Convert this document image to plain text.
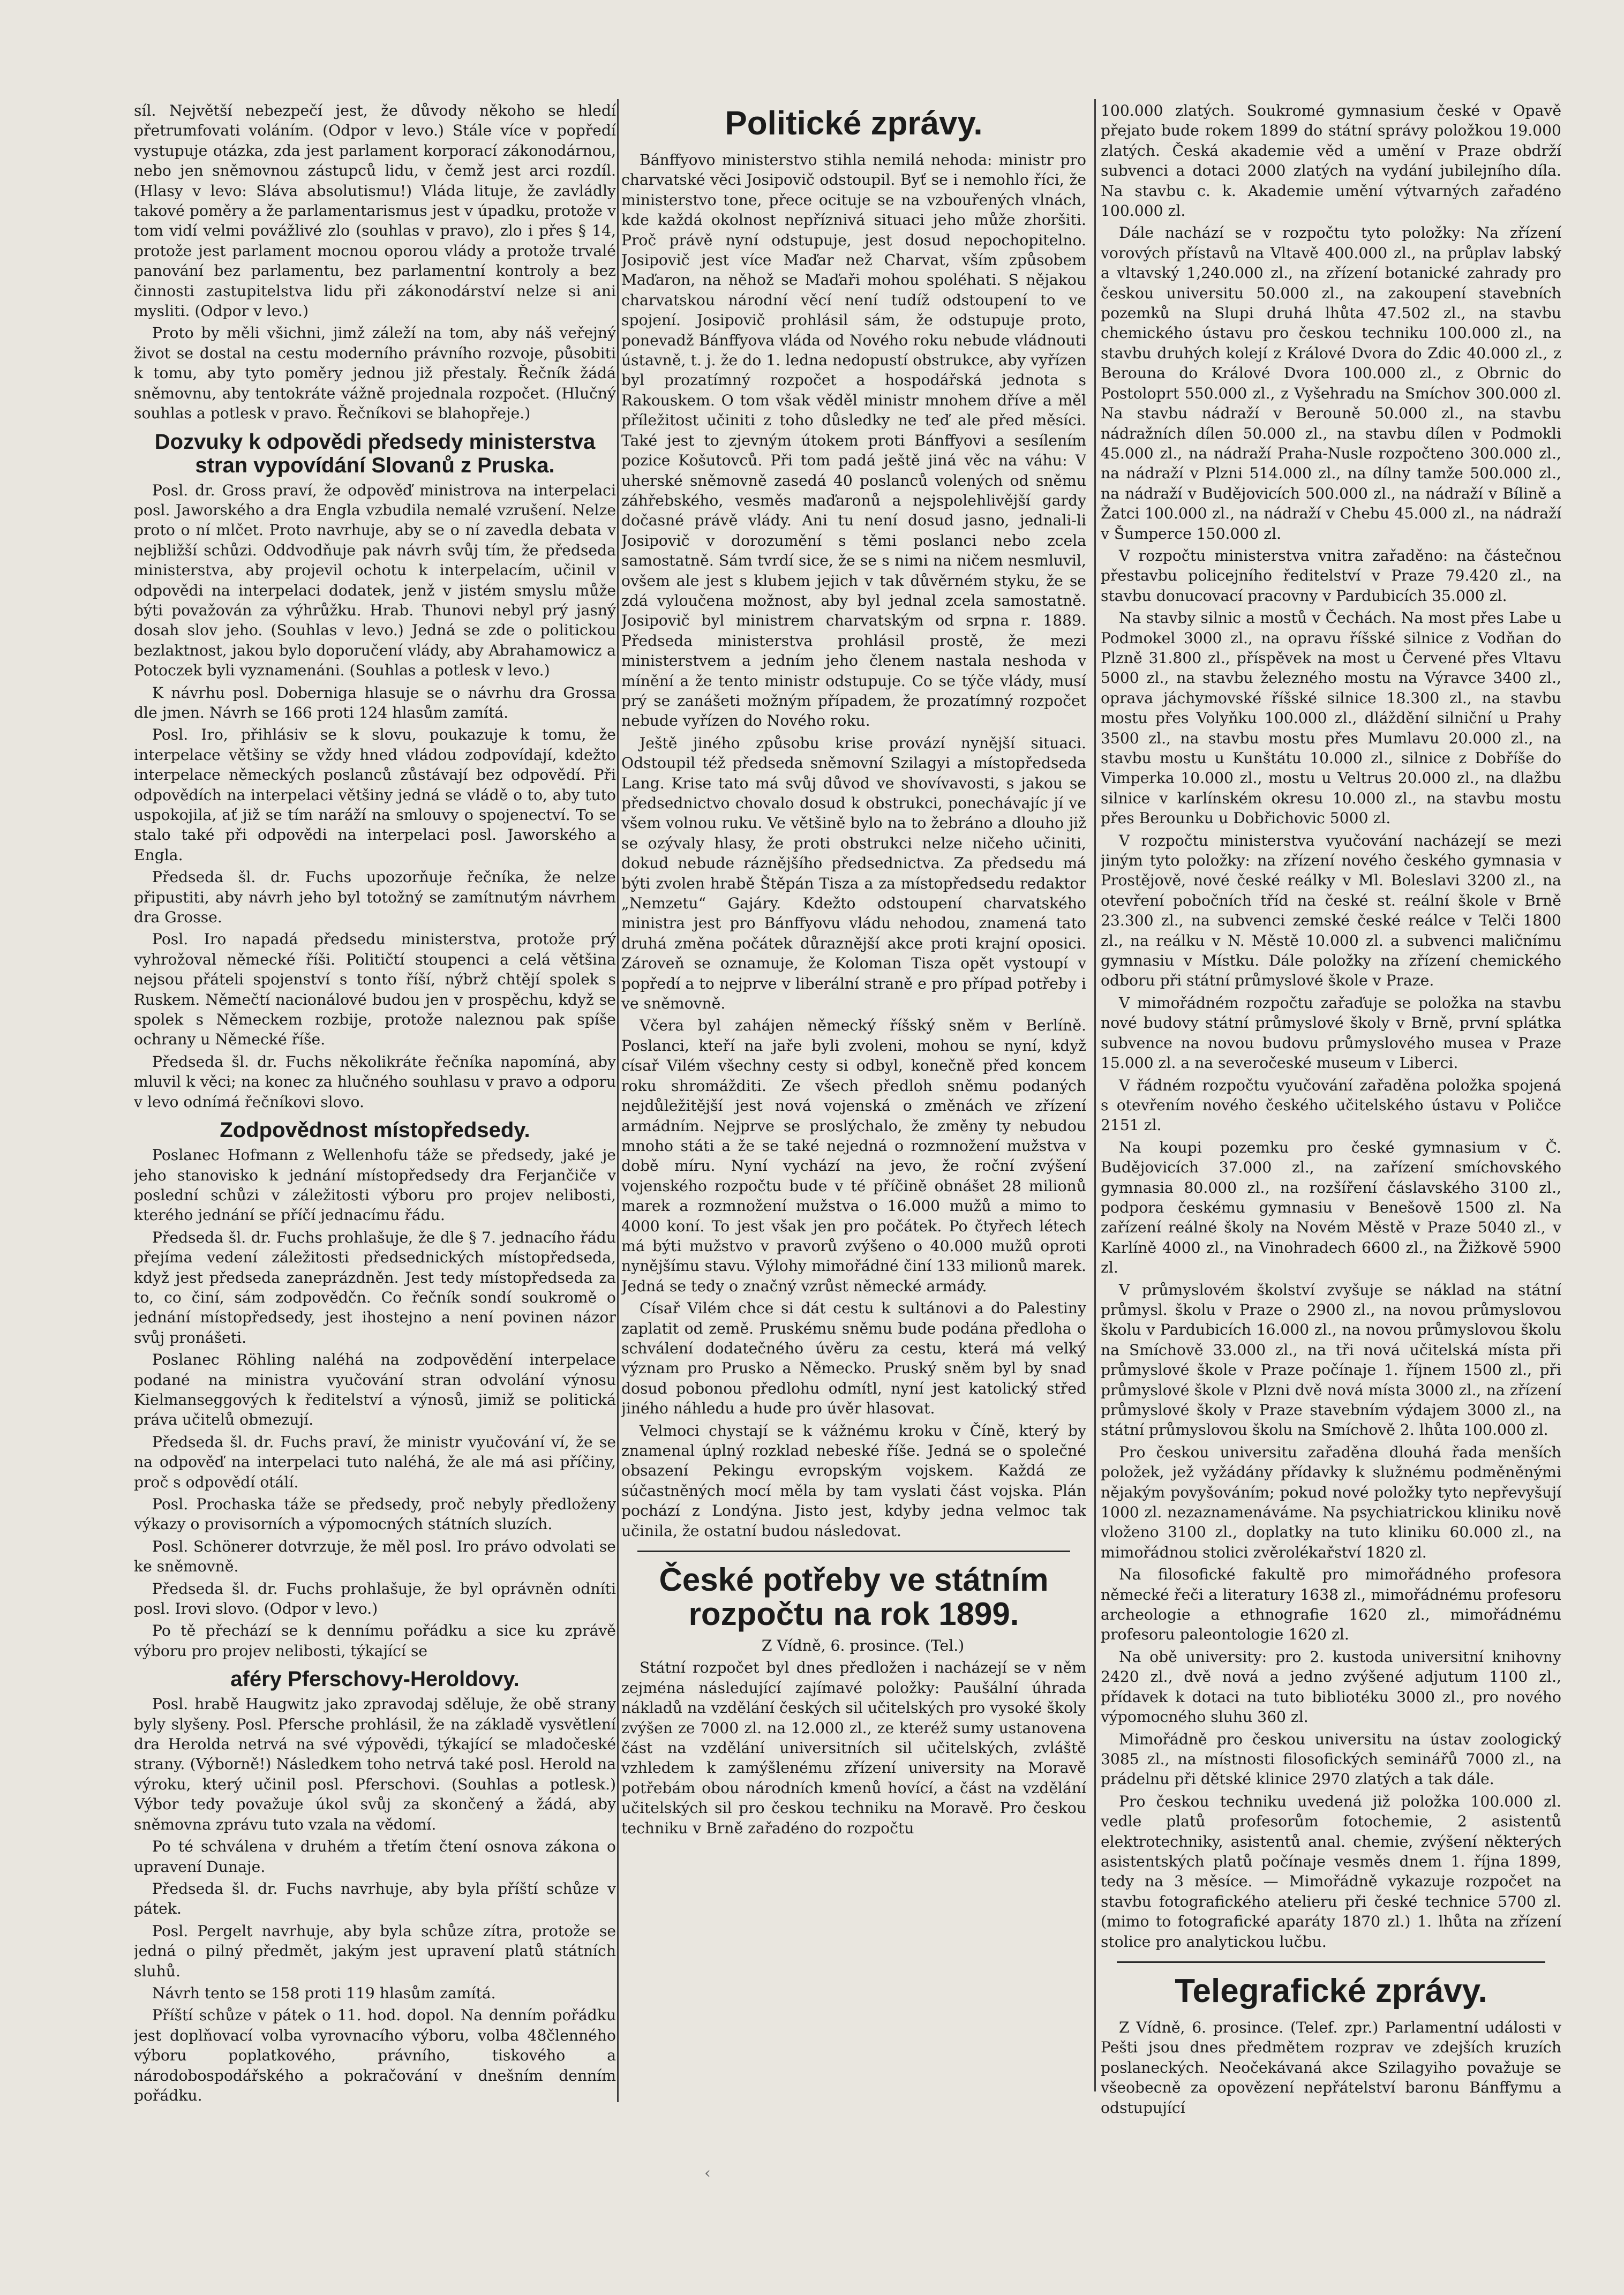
síl. Největší nebezpečí jest, že důvody někoho se hledí přetrumfovati voláním. (Odpor v levo.) Stále více v popředí vystupuje otázka, zda jest parlament korporací zákonodárnou, nebo jen sněmovnou zástupců lidu, v čemž jest arci rozdíl. (Hlasy v levo: Sláva absolutismu!) Vláda lituje, že zavládly takové poměry a že parlamentarismus jest v úpadku, protože v tom vidí velmi povážlivé zlo (souhlas v pravo), zlo i přes § 14, protože jest parlament mocnou oporou vlády a protože trvalé panování bez parlamentu, bez parlamentní kontroly a bez činnosti zastupitelstva lidu při zákonodárství nelze si ani mysliti. (Odpor v levo.)

Proto by měli všichni, jimž záleží na tom, aby náš veřejný život se dostal na cestu moderního právního rozvoje, působiti k tomu, aby tyto poměry jednou již přestaly. Řečník žádá sněmovnu, aby tentokráte vážně projednala rozpočet. (Hlučný souhlas a potlesk v pravo. Řečníkovi se blahopřeje.)

Dozvuky k odpovědi předsedy ministerstva stran vypovídání Slovanů z Pruska.

Posl. dr. Gross praví, že odpověď ministrova na interpelaci posl. Jaworského a dra Engla vzbudila nemalé vzrušení. Nelze proto o ní mlčet. Proto navrhuje, aby se o ní zavedla debata v nejbližší schůzi. Oddvodňuje pak návrh svůj tím, že předseda ministerstva, aby projevil ochotu k interpelacím, učinil v odpovědi na interpelaci dodatek, jenž v jistém smyslu může býti považován za výhrůžku. Hrab. Thunovi nebyl prý jasný dosah slov jeho. (Souhlas v levo.) Jedná se zde o politickou bezlaktnost, jakou bylo doporučení vlády, aby Abrahamowicz a Potoczek byli vyznamenáni. (Souhlas a potlesk v levo.)

K návrhu posl. Doberniga hlasuje se o návrhu dra Grossa dle jmen. Návrh se 166 proti 124 hlasům zamítá.

Posl. Iro, přihlásiv se k slovu, poukazuje k tomu, že interpelace většiny se vždy hned vládou zodpovídají, kdežto interpelace německých poslanců zůstávají bez odpovědí. Při odpovědích na interpelaci většiny jedná se vládě o to, aby tuto uspokojila, ať již se tím naráží na smlouvy o spojenectví. To se stalo také při odpovědi na interpelaci posl. Jaworského a Engla.

Předseda šl. dr. Fuchs upozorňuje řečníka, že nelze připustiti, aby návrh jeho byl totožný se zamítnutým návrhem dra Grosse.

Posl. Iro napadá předsedu ministerstva, protože prý vyhrožoval německé říši. Političtí stoupenci a celá většina nejsou přáteli spojenství s tonto říší, nýbrž chtějí spolek s Ruskem. Němečtí nacionálové budou jen v prospěchu, když se spolek s Německem rozbije, protože naleznou pak spíše ochrany u Německé říše.

Předseda šl. dr. Fuchs několikráte řečníka napomíná, aby mluvil k věci; na konec za hlučného souhlasu v pravo a odporu v levo odnímá řečníkovi slovo.

Zodpovědnost místopředsedy.

Poslanec Hofmann z Wellenhofu táže se předsedy, jaké je jeho stanovisko k jednání místopředsedy dra Ferjančiče v poslední schůzi v záležitosti výboru pro projev nelibosti, kterého jednání se příčí jednacímu řádu.

Předseda šl. dr. Fuchs prohlašuje, že dle § 7. jednacího řádu přejíma vedení záležitosti předsednických místopředseda, když jest předseda zaneprázdněn. Jest tedy místopředseda za to, co činí, sám zodpovědčn. Co řečník sondí soukromě o jednání místopředsedy, jest ihostejno a není povinen názor svůj pronášeti.

Poslanec Röhling naléhá na zodpovědění interpelace podané na ministra vyučování stran odvolání výnosu Kielmanseggových k ředitelství a výnosů, jimiž se politická práva učitelů obmezují.

Předseda šl. dr. Fuchs praví, že ministr vyučování ví, že se na odpověď na interpelaci tuto naléhá, že ale má asi příčiny, proč s odpovědí otálí.

Posl. Prochaska táže se předsedy, proč nebyly předloženy výkazy o provisorních a výpomocných státních sluzích.

Posl. Schönerer dotvrzuje, že měl posl. Iro právo odvolati se ke sněmovně.

Předseda šl. dr. Fuchs prohlašuje, že byl oprávněn odníti posl. Irovi slovo. (Odpor v levo.)

Po tě přechází se k dennímu pořádku a sice ku zprávě výboru pro projev nelibosti, týkající se

aféry Pferschovy-Heroldovy.

Posl. hrabě Haugwitz jako zpravodaj sděluje, že obě strany byly slyšeny. Posl. Pfersche prohlásil, že na základě vysvětlení dra Herolda netrvá na své výpovědi, týkající se mladočeské strany. (Výborně!) Následkem toho netrvá také posl. Herold na výroku, který učinil posl. Pferschovi. (Souhlas a potlesk.) Výbor tedy považuje úkol svůj za skončený a žádá, aby sněmovna zprávu tuto vzala na vědomí.

Po té schválena v druhém a třetím čtení osnova zákona o upravení Dunaje.

Předseda šl. dr. Fuchs navrhuje, aby byla příští schůze v pátek.

Posl. Pergelt navrhuje, aby byla schůze zítra, protože se jedná o pilný předmět, jakým jest upravení platů státních sluhů.

Návrh tento se 158 proti 119 hlasům zamítá.

Příští schůze v pátek o 11. hod. dopol. Na denním pořádku jest doplňovací volba vyrovnacího výboru, volba 48členného výboru poplatkového, právního, tiskového a národobospodářského a pokračování v dnešním denním pořádku.

Politické zprávy.

Bánffyovo ministerstvo stihla nemilá nehoda: ministr pro charvatské věci Josipovič odstoupil. Byť se i nemohlo říci, že ministerstvo tone, přece ocituje se na vzbouřených vlnách, kde každá okolnost nepříznivá situaci jeho může zhoršiti. Proč právě nyní odstupuje, jest dosud nepochopitelno. Josipovič jest více Maďar než Charvat, vším způsobem Maďaron, na něhož se Maďaři mohou spoléhati. S nějakou charvatskou národní věcí není tudíž odstoupení to ve spojení. Josipovič prohlásil sám, že odstupuje proto, ponevadž Bánffyova vláda od Nového roku nebude vládnouti ústavně, t. j. že do 1. ledna nedopustí obstrukce, aby vyřízen byl prozatímný rozpočet a hospodářská jednota s Rakouskem. O tom však věděl ministr mnohem dříve a měl příležitost učiniti z toho důsledky ne teď ale před měsíci. Také jest to zjevným útokem proti Bánffyovi a sesílením pozice Košutovců. Při tom padá ještě jiná věc na váhu: V uherské sněmovně zasedá 40 poslanců volených od sněmu záhřebského, vesměs maďaronů a nejspolehlivější gardy dočasné právě vlády. Ani tu není dosud jasno, jednali-li Josipovič v dorozumění s těmi poslanci nebo zcela samostatně. Sám tvrdí sice, že se s nimi na ničem nesmluvil, ovšem ale jest s klubem jejich v tak důvěrném styku, že se zdá vyloučena možnost, aby byl jednal zcela samostatně. Josipovič byl ministrem charvatským od srpna r. 1889. Předseda ministerstva prohlásil prostě, že mezi ministerstvem a jedním jeho členem nastala neshoda v mínění a že tento ministr odstupuje. Co se týče vlády, musí prý se zanášeti možným případem, že prozatímný rozpočet nebude vyřízen do Nového roku.

Ještě jiného způsobu krise provází nynější situaci. Odstoupil též předseda sněmovní Szilagyi a místopředseda Lang. Krise tato má svůj důvod ve shovívavosti, s jakou se předsednictvo chovalo dosud k obstrukci, ponechávajíc jí ve všem volnou ruku. Ve většině bylo na to žebráno a dlouho již se ozývaly hlasy, že proti obstrukci nelze ničeho učiniti, dokud nebude ráznějšího předsednictva. Za předsedu má býti zvolen hrabě Štěpán Tisza a za místopředsedu redaktor „Nemzetu“ Gajáry. Kdežto odstoupení charvatského ministra jest pro Bánffyovu vládu nehodou, znamená tato druhá změna počátek důraznější akce proti krajní oposici. Zároveň se oznamuje, že Koloman Tisza opět vystoupí v popředí a to nejprve v liberální straně e pro případ potřeby i ve sněmovně.

Včera byl zahájen německý říšský sněm v Berlíně. Poslanci, kteří na jaře byli zvoleni, mohou se nyní, když císař Vilém všechny cesty si odbyl, konečně před koncem roku shromážditi. Ze všech předloh sněmu podaných nejdůležitější jest nová vojenská o změnách ve zřízení armádním. Nejprve se proslýchalo, že změny ty nebudou mnoho státi a že se také nejedná o rozmnožení mužstva v době míru. Nyní vychází na jevo, že roční zvýšení vojenského rozpočtu bude v té příčině obnášet 28 milionů marek a rozmnožení mužstva o 16.000 mužů a mimo to 4000 koní. To jest však jen pro počátek. Po čtyřech létech má býti mužstvo v pravorů zvýšeno o 40.000 mužů oproti nynějšímu stavu. Výlohy mimořádné činí 133 milionů marek. Jedná se tedy o značný vzrůst německé armády.

Císař Vilém chce si dát cestu k sultánovi a do Palestiny zaplatit od země. Pruskému sněmu bude podána předloha o schválení dodatečného úvěru za cestu, která má velký význam pro Prusko a Německo. Pruský sněm byl by snad dosud pobonou předlohu odmítl, nyní jest katolický střed jiného náhledu a hude pro úvěr hlasovat.

Velmoci chystají se k vážnému kroku v Číně, který by znamenal úplný rozklad nebeské říše. Jedná se o společné obsazení Pekingu evropským vojskem. Každá ze súčastněných mocí měla by tam vyslati část vojska. Plán pochází z Londýna. Jisto jest, kdyby jedna velmoc tak učinila, že ostatní budou následovat.

České potřeby ve státním rozpočtu na rok 1899.

Z Vídně, 6. prosince. (Tel.)

Státní rozpočet byl dnes předložen i nacházejí se v něm zejména následující zajímavé položky: Paušální úhrada nákladů na vzdělání českých sil učitelských pro vysoké školy zvýšen ze 7000 zl. na 12.000 zl., ze kteréž sumy ustanovena část na vzdělání universitních sil učitelských, zvláště vzhledem k zamýšlenému zřízení university na Moravě potřebám obou národních kmenů hovící, a část na vzdělání učitelských sil pro českou techniku na Moravě. Pro českou techniku v Brně zařadéno do rozpočtu

100.000 zlatých. Soukromé gymnasium české v Opavě přejato bude rokem 1899 do státní správy položkou 19.000 zlatých. Česká akademie věd a umění v Praze obdrží subvenci a dotaci 2000 zlatých na vydání jubilejního díla. Na stavbu c. k. Akademie umění výtvarných zařadéno 100.000 zl.

Dále nachází se v rozpočtu tyto položky: Na zřízení vorových přístavů na Vltavě 400.000 zl., na průplav labský a vltavský 1,240.000 zl., na zřízení botanické zahrady pro českou universitu 50.000 zl., na zakoupení stavebních pozemků na Slupi druhá lhůta 47.502 zl., na stavbu chemického ústavu pro českou techniku 100.000 zl., na stavbu druhých kolejí z Králové Dvora do Zdic 40.000 zl., z Berouna do Králové Dvora 100.000 zl., z Obrnic do Postoloprt 550.000 zl., z Vyšehradu na Smíchov 300.000 zl. Na stavbu nádraží v Berouně 50.000 zl., na stavbu nádražních dílen 50.000 zl., na stavbu dílen v Podmokli 45.000 zl., na nádraží Praha-Nusle rozpočteno 300.000 zl., na nádraží v Plzni 514.000 zl., na dílny tamže 500.000 zl., na nádraží v Budějovicích 500.000 zl., na nádraží v Bílině a Žatci 100.000 zl., na nádraží v Chebu 45.000 zl., na nádraží v Šumperce 150.000 zl.

V rozpočtu ministerstva vnitra zařaděno: na částečnou přestavbu policejního ředitelství v Praze 79.420 zl., na stavbu donucovací pracovny v Pardubicích 35.000 zl.

Na stavby silnic a mostů v Čechách. Na most přes Labe u Podmokel 3000 zl., na opravu říšské silnice z Vodňan do Plzně 31.800 zl., příspěvek na most u Červené přes Vltavu 5000 zl., na stavbu železného mostu na Výravce 3400 zl., oprava jáchymovské říšské silnice 18.300 zl., na stavbu mostu přes Volyňku 100.000 zl., dláždění silniční u Prahy 3500 zl., na stavbu mostu přes Mumlavu 20.000 zl., na stavbu mostu u Kunštátu 10.000 zl., silnice z Dobříše do Vimperka 10.000 zl., mostu u Veltrus 20.000 zl., na dlažbu silnice v karlínském okresu 10.000 zl., na stavbu mostu přes Berounku u Dobřichovic 5000 zl.

V rozpočtu ministerstva vyučování nacházejí se mezi jiným tyto položky: na zřízení nového českého gymnasia v Prostějově, nové české reálky v Ml. Boleslavi 3200 zl., na otevření pobočních tříd na české st. reální škole v Brně 23.300 zl., na subvenci zemské české reálce v Telči 1800 zl., na reálku v N. Městě 10.000 zl. a subvenci maličnímu gymnasiu v Místku. Dále položky na zřízení chemického odboru při státní průmyslové škole v Praze.

V mimořádném rozpočtu zařaďuje se položka na stavbu nové budovy státní průmyslové školy v Brně, první splátka subvence na novou budovu průmyslového musea v Praze 15.000 zl. a na severočeské museum v Liberci.

V řádném rozpočtu vyučování zařaděna položka spojená s otevřením nového českého učitelského ústavu v Poličce 2151 zl.

Na koupi pozemku pro české gymnasium v Č. Budějovicích 37.000 zl., na zařízení smíchovského gymnasia 80.000 zl., na rozšíření čáslavského 3100 zl., podpora českému gymnasiu v Benešově 1500 zl. Na zařízení reálné školy na Novém Městě v Praze 5040 zl., v Karlíně 4000 zl., na Vinohradech 6600 zl., na Žižkově 5900 zl.

V průmyslovém školství zvyšuje se náklad na státní průmysl. školu v Praze o 2900 zl., na novou průmyslovou školu v Pardubicích 16.000 zl., na novou průmyslovou školu na Smíchově 33.000 zl., na tři nová učitelská místa při průmyslové škole v Praze počínaje 1. říjnem 1500 zl., při průmyslové škole v Plzni dvě nová místa 3000 zl., na zřízení průmyslové školy v Praze stavebním výdajem 3000 zl., na státní průmyslovou školu na Smíchově 2. lhůta 100.000 zl.

Pro českou universitu zařaděna dlouhá řada menších položek, jež vyžádány přídavky k služnému podměněnými nějakým povyšováním; pokud nové položky tyto nepřevyšují 1000 zl. nezaznamenáváme. Na psychiatrickou kliniku nově vloženo 3100 zl., doplatky na tuto kliniku 60.000 zl., na mimořádnou stolici zvěrolékařství 1820 zl.

Na filosofické fakultě pro mimořádného profesora německé řeči a literatury 1638 zl., mimořádnému profesoru archeologie a ethnografie 1620 zl., mimořádnému profesoru paleontologie 1620 zl.

Na obě university: pro 2. kustoda universitní knihovny 2420 zl., dvě nová a jedno zvýšené adjutum 1100 zl., přídavek k dotaci na tuto bibliotéku 3000 zl., pro nového výpomocného sluhu 360 zl.

Mimořádně pro českou universitu na ústav zoologický 3085 zl., na místnosti filosofických seminářů 7000 zl., na prádelnu při dětské klinice 2970 zlatých a tak dále.

Pro českou techniku uvedená již položka 100.000 zl. vedle platů profesorům fotochemie, 2 asistentů elektrotechniky, asistentů anal. chemie, zvýšení některých asistentských platů počínaje vesměs dnem 1. října 1899, tedy na 3 měsíce. — Mimořádně vykazuje rozpočet na stavbu fotografického atelieru při české technice 5700 zl. (mimo to fotografické aparáty 1870 zl.) 1. lhůta na zřízení stolice pro analytickou lučbu.

Telegrafické zprávy.

Z Vídně, 6. prosince. (Telef. zpr.) Parlamentní události v Pešti jsou dnes předmětem rozprav ve zdejších kruzích poslaneckých. Neočekávaná akce Szilagyiho považuje se všeobecně za opovězení nepřátelství baronu Bánffymu a odstupující

‹
